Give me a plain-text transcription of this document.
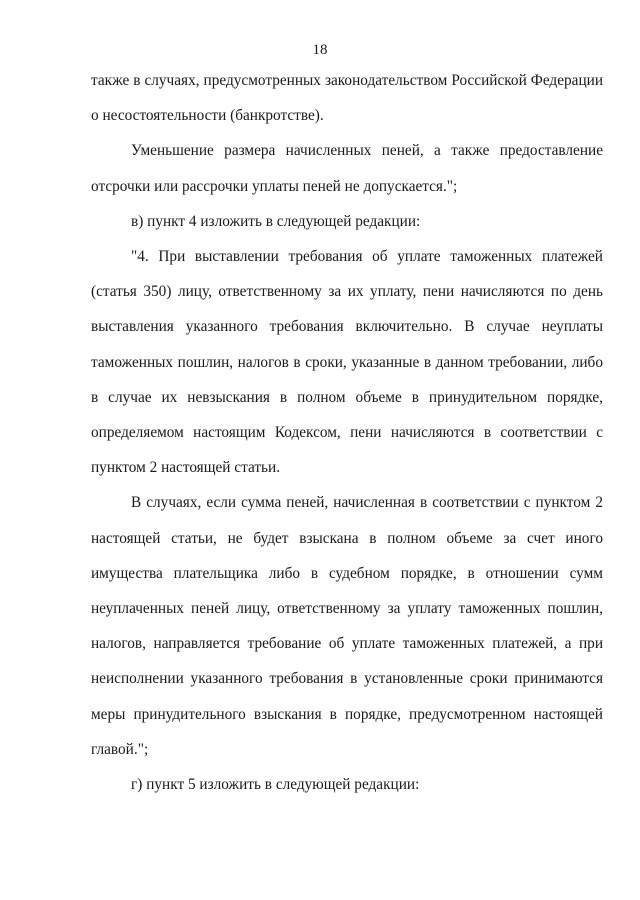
18

также в случаях, предусмотренных законодательством Российской Федерации о несостоятельности (банкротстве).

Уменьшение размера начисленных пеней, а также предоставление отсрочки или рассрочки уплаты пеней не допускается.";

в) пункт 4 изложить в следующей редакции:

"4. При выставлении требования об уплате таможенных платежей (статья 350) лицу, ответственному за их уплату, пени начисляются по день выставления указанного требования включительно. В случае неуплаты таможенных пошлин, налогов в сроки, указанные в данном требовании, либо в случае их невзыскания в полном объеме в принудительном порядке, определяемом настоящим Кодексом, пени начисляются в соответствии с пунктом 2 настоящей статьи.

В случаях, если сумма пеней, начисленная в соответствии с пунктом 2 настоящей статьи, не будет взыскана в полном объеме за счет иного имущества плательщика либо в судебном порядке, в отношении сумм неуплаченных пеней лицу, ответственному за уплату таможенных пошлин, налогов, направляется требование об уплате таможенных платежей, а при неисполнении указанного требования в установленные сроки принимаются меры принудительного взыскания в порядке, предусмотренном настоящей главой.";

г) пункт 5 изложить в следующей редакции:
